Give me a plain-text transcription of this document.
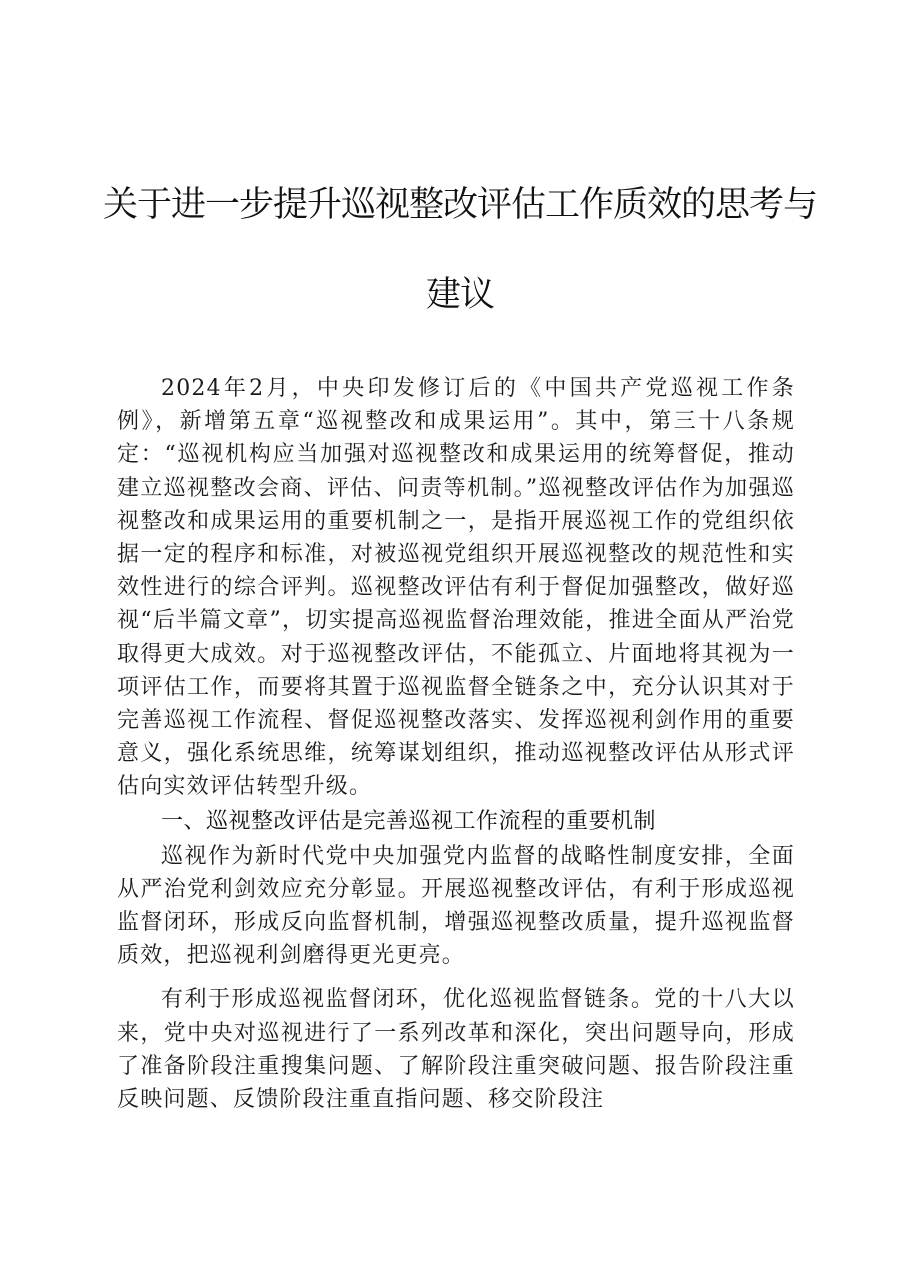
关于进一步提升巡视整改评估工作质效的思考与建议

2024年2月，中央印发修订后的《中国共产党巡视工作条例》，新增第五章“巡视整改和成果运用”。其中，第三十八条规定：“巡视机构应当加强对巡视整改和成果运用的统筹督促，推动建立巡视整改会商、评估、问责等机制。”巡视整改评估作为加强巡视整改和成果运用的重要机制之一，是指开展巡视工作的党组织依据一定的程序和标准，对被巡视党组织开展巡视整改的规范性和实效性进行的综合评判。巡视整改评估有利于督促加强整改，做好巡视“后半篇文章”，切实提高巡视监督治理效能，推进全面从严治党取得更大成效。对于巡视整改评估，不能孤立、片面地将其视为一项评估工作，而要将其置于巡视监督全链条之中，充分认识其对于完善巡视工作流程、督促巡视整改落实、发挥巡视利剑作用的重要意义，强化系统思维，统筹谋划组织，推动巡视整改评估从形式评估向实效评估转型升级。

一、巡视整改评估是完善巡视工作流程的重要机制

巡视作为新时代党中央加强党内监督的战略性制度安排，全面从严治党利剑效应充分彰显。开展巡视整改评估，有利于形成巡视监督闭环，形成反向监督机制，增强巡视整改质量，提升巡视监督质效，把巡视利剑磨得更光更亮。

有利于形成巡视监督闭环，优化巡视监督链条。党的十八大以来，党中央对巡视进行了一系列改革和深化，突出问题导向，形成了准备阶段注重搜集问题、了解阶段注重突破问题、报告阶段注重反映问题、反馈阶段注重直指问题、移交阶段注
